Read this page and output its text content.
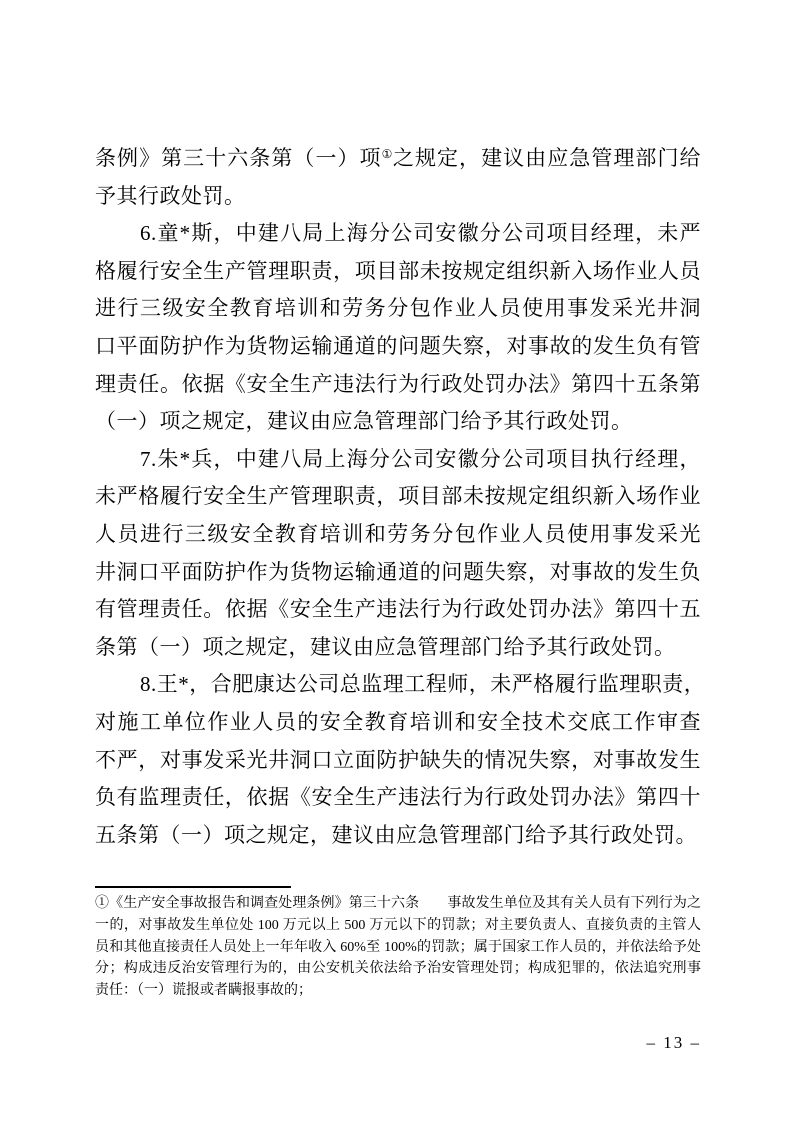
条例》第三十六条第（一）项①之规定，建议由应急管理部门给
予其行政处罚。
6.童*斯，中建八局上海分公司安徽分公司项目经理，未严
格履行安全生产管理职责，项目部未按规定组织新入场作业人员
进行三级安全教育培训和劳务分包作业人员使用事发采光井洞
口平面防护作为货物运输通道的问题失察，对事故的发生负有管
理责任。依据《安全生产违法行为行政处罚办法》第四十五条第
（一）项之规定，建议由应急管理部门给予其行政处罚。
7.朱*兵，中建八局上海分公司安徽分公司项目执行经理，
未严格履行安全生产管理职责，项目部未按规定组织新入场作业
人员进行三级安全教育培训和劳务分包作业人员使用事发采光
井洞口平面防护作为货物运输通道的问题失察，对事故的发生负
有管理责任。依据《安全生产违法行为行政处罚办法》第四十五
条第（一）项之规定，建议由应急管理部门给予其行政处罚。
8.王*，合肥康达公司总监理工程师，未严格履行监理职责，
对施工单位作业人员的安全教育培训和安全技术交底工作审查
不严，对事发采光井洞口立面防护缺失的情况失察，对事故发生
负有监理责任，依据《安全生产违法行为行政处罚办法》第四十
五条第（一）项之规定，建议由应急管理部门给予其行政处罚。
①《生产安全事故报告和调查处理条例》第三十六条　　事故发生单位及其有关人员有下列行为之
一的，对事故发生单位处 100 万元以上 500 万元以下的罚款；对主要负责人、直接负责的主管人
员和其他直接责任人员处上一年年收入 60%至 100%的罚款；属于国家工作人员的，并依法给予处
分；构成违反治安管理行为的，由公安机关依法给予治安管理处罚；构成犯罪的，依法追究刑事
责任：（一）谎报或者瞒报事故的；
– 13 –
